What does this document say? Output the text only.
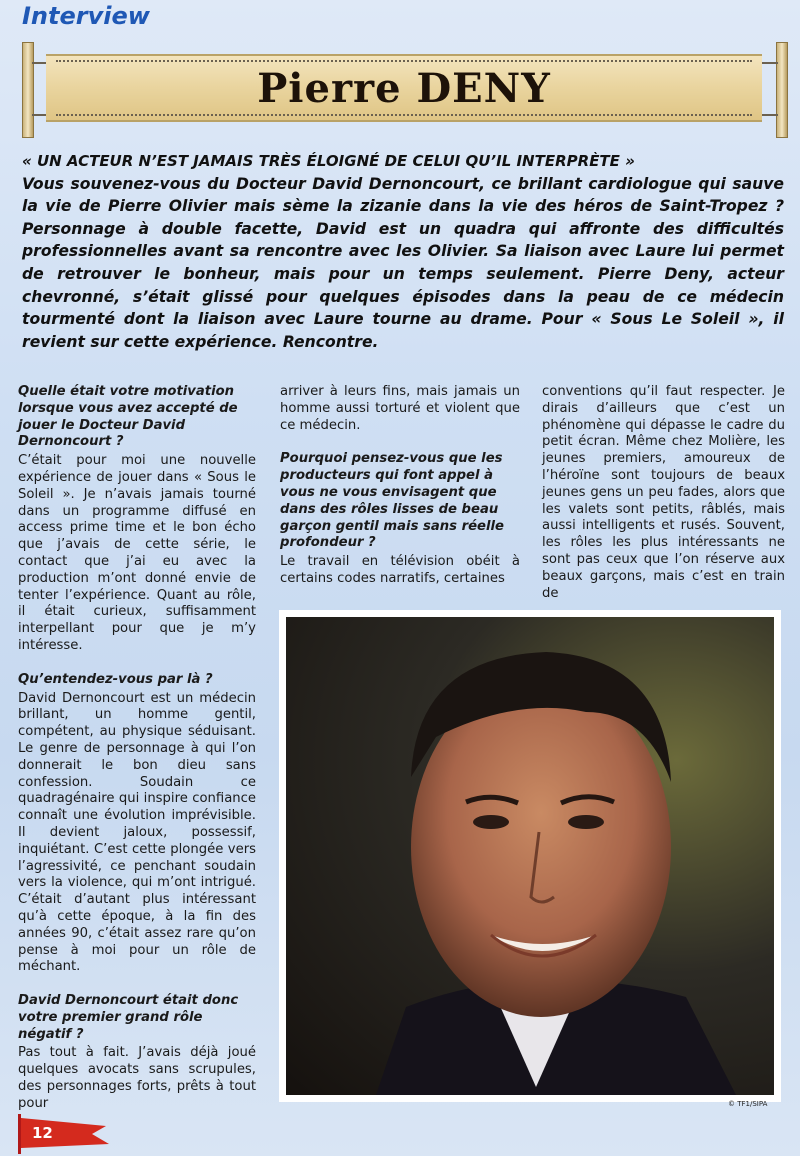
Interview
Pierre DENY
« UN ACTEUR N’EST JAMAIS TRÈS ÉLOIGNÉ DE CELUI QU’IL INTERPRÈTE »
Vous souvenez-vous du Docteur David Dernoncourt, ce brillant cardiologue qui sauve la vie de Pierre Olivier mais sème la zizanie dans la vie des héros de Saint-Tropez ? Personnage à double facette, David est un quadra qui affronte des difficultés professionnelles avant sa rencontre avec les Olivier. Sa liaison avec Laure lui permet de retrouver le bonheur, mais pour un temps seulement. Pierre Deny, acteur chevronné, s’était glissé pour quelques épisodes dans la peau de ce médecin tourmenté dont la liaison avec Laure tourne au drame. Pour « Sous Le Soleil », il revient sur cette expérience. Rencontre.
Quelle était votre motivation lorsque vous avez accepté de jouer le Docteur David Dernoncourt ?

C’était pour moi une nouvelle expérience de jouer dans « Sous le Soleil ». Je n’avais jamais tourné dans un programme diffusé en access prime time et le bon écho que j’avais de cette série, le contact que j’ai eu avec la production m’ont donné envie de tenter l’expérience. Quant au rôle, il était curieux, suffisamment interpellant pour que je m’y intéresse.

Qu’entendez-vous par là ?

David Dernoncourt est un médecin brillant, un homme gentil, compétent, au physique séduisant. Le genre de personnage à qui l’on donnerait le bon dieu sans confession. Soudain ce quadragénaire qui inspire confiance connaît une évolution imprévisible. Il devient jaloux, possessif, inquiétant. C’est cette plongée vers l’agressivité, ce penchant soudain vers la violence, qui m’ont intrigué. C’était d’autant plus intéressant qu’à cette époque, à la fin des années 90, c’était assez rare qu’on pense à moi pour un rôle de méchant.

David Dernoncourt était donc votre premier grand rôle négatif ?

Pas tout à fait. J’avais déjà joué quelques avocats sans scrupules, des personnages forts, prêts à tout pour

arriver à leurs fins, mais jamais un homme aussi torturé et violent que ce médecin.

Pourquoi pensez-vous que les producteurs qui font appel à vous ne vous envisagent que dans des rôles lisses de beau garçon gentil mais sans réelle profondeur ?

Le travail en télévision obéit à certains codes narratifs, certaines

conventions qu’il faut respecter. Je dirais d’ailleurs que c’est un phénomène qui dépasse le cadre du petit écran. Même chez Molière, les jeunes premiers, amoureux de l’héroïne sont toujours de beaux jeunes gens un peu fades, alors que les valets sont petits, râblés, mais aussi intelligents et rusés. Souvent, les rôles les plus intéressants ne sont pas ceux que l’on réserve aux beaux garçons, mais c’est en train de

© TF1/SIPA
12
